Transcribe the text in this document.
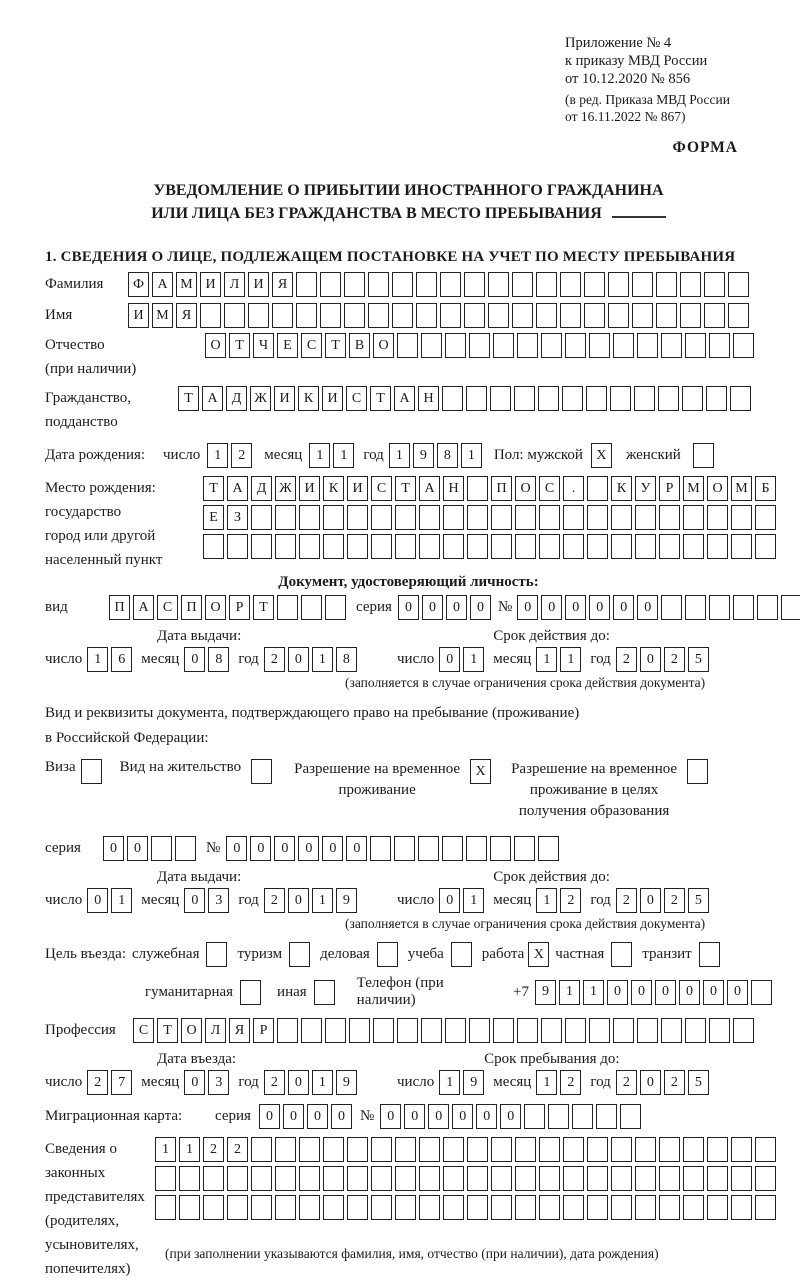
Приложение № 4
к приказу МВД России
от 10.12.2020 № 856
(в ред. Приказа МВД России
от 16.11.2022 № 867)
ФОРМА
УВЕДОМЛЕНИЕ О ПРИБЫТИИ ИНОСТРАННОГО ГРАЖДАНИНА
ИЛИ ЛИЦА БЕЗ ГРАЖДАНСТВА В МЕСТО ПРЕБЫВАНИЯ
1. СВЕДЕНИЯ О ЛИЦЕ, ПОДЛЕЖАЩЕМ ПОСТАНОВКЕ НА УЧЕТ ПО МЕСТУ ПРЕБЫВАНИЯ
Фамилия	Ф А М И	Л	И	Я
Имя	И М Я
Отчество
(при наличии)
О	Т	Ч	Е	С	Т	В	О
Гражданство,
подданство
Т	А	Д Ж И	К	И	С	Т	А Н
Дата рождения:	число	1	2	месяц	1	1	год 1	9	8	1	Пол: мужской X	женский
Место рождения:
государство
город или другой
населенный пункт
Т	А	Д Ж И	К	И	С	Т	А Н	П О	С	.	К	У	Р М О М Б
Е	З
Документ, удостоверяющий личность:
вид	П А	С	П О	Р	Т	серия 0	0	0	0 № 0	0	0	0	0	0
Дата выдачи:	Срок действия до:
число 1	6	месяц 0	8	год 2	0	1	8	число 0	1	месяц 1	1	год 2	0	2	5
(заполняется в случае ограничения срока действия документа)
Вид и реквизиты документа, подтверждающего право на пребывание (проживание)
в Российской Федерации:
Виза	Вид на жительство	Разрешение на временное
проживание
X	Разрешение на временное
проживание в целях
получения образования
серия	0	0	№ 0	0	0	0	0	0
Дата выдачи:	Срок действия до:
число 0	1	месяц 0	3	год 2	0	1	9	число 0	1	месяц 1	2	год 2	0	2	5
(заполняется в случае ограничения срока действия документа)
Цель въезда: служебная	туризм	деловая	учеба	работа X частная	транзит
гуманитарная	иная
Телефон (при наличии)
+7 9	1	1	0	0	0	0	0	0
Профессия	С	Т	О	Л	Я	Р
Дата въезда:	Срок пребывания до:
число 2	7	месяц 0	3	год 2	0	1	9	число 1	9	месяц 1	2	год 2	0	2	5
Миграционная карта:	серия	0	0	0	0	№ 0	0	0	0	0	0
Сведения о
законных
представителях
(родителях,
усыновителях,
попечителях)
1	1	2	2
(при заполнении указываются фамилия, имя, отчество (при наличии), дата рождения)
